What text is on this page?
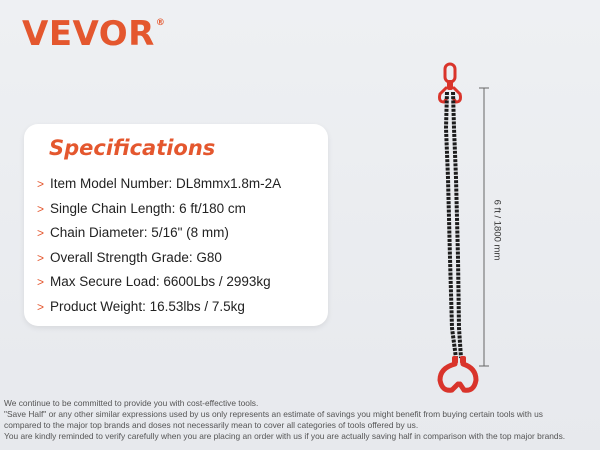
VEVOR®
Specifications
> Item Model Number: DL8mmx1.8m-2A
> Single Chain Length: 6 ft/180 cm
> Chain Diameter: 5/16" (8 mm)
> Overall Strength Grade: G80
> Max Secure Load: 6600Lbs / 2993kg
> Product Weight: 16.53lbs / 7.5kg
6 ft / 1800 mm
We continue to be committed to provide you with cost-effective tools.
"Save Half" or any other similar expressions used by us only represents an estimate of savings you might benefit from buying certain tools with us
compared to the major top brands and doses not necessarily mean to cover all categories of tools offered by us.
You are kindly reminded to verify carefully when you are placing an order with us if you are actually saving half in comparison with the top major brands.
